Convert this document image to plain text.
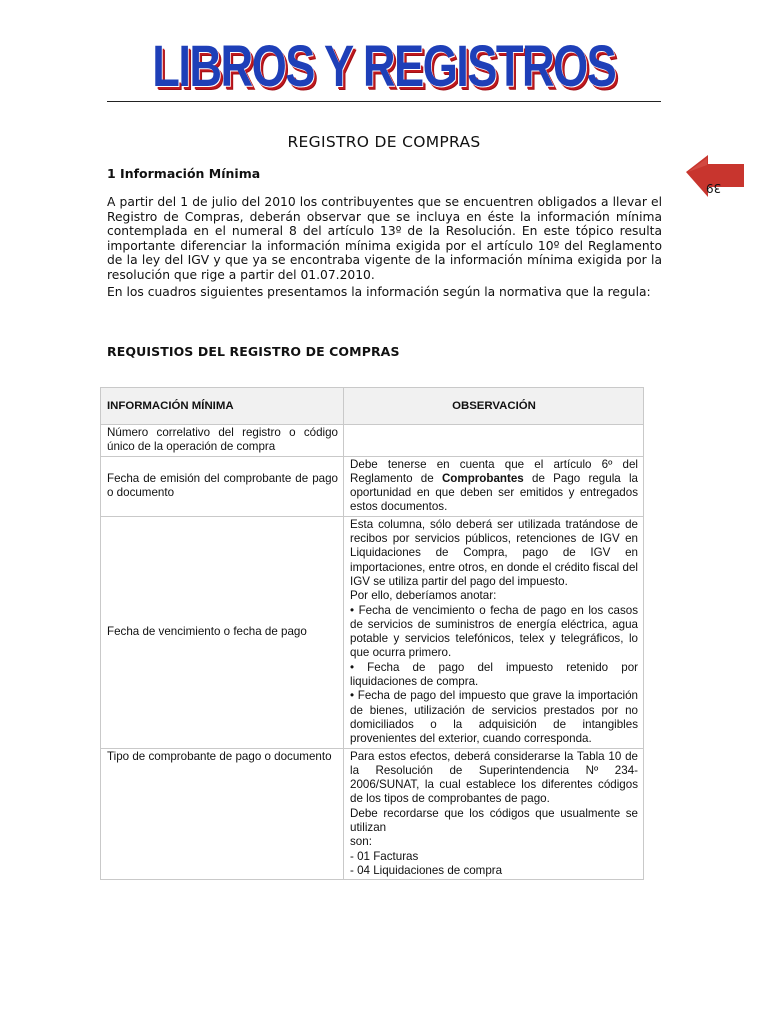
LIBROS Y REGISTROS
39
REGISTRO DE COMPRAS
1 Información Mínima
A partir del 1 de julio del 2010 los contribuyentes que se encuentren obligados a llevar el Registro de Compras, deberán observar que se incluya en éste la información mínima contemplada en el numeral 8 del artículo 13º de la Resolución. En este tópico resulta importante diferenciar la información mínima exigida por el artículo 10º del Reglamento de la ley del IGV y que ya se encontraba vigente de la información mínima exigida por la resolución que rige a partir del 01.07.2010.
En los cuadros siguientes presentamos la información según la normativa que la regula:
REQUISTIOS DEL REGISTRO DE COMPRAS
INFORMACIÓN MÍNIMA	OBSERVACIÓN
Número correlativo del registro o código único de la operación de compra	
Fecha de emisión del comprobante de pago o documento	Debe tenerse en cuenta que el artículo 6º del Reglamento de Comprobantes de Pago regula la oportunidad en que deben ser emitidos y entregados estos documentos.
Fecha de vencimiento o fecha de pago	Esta columna, sólo deberá ser utilizada tratándose de recibos por servicios públicos, retenciones de IGV en Liquidaciones de Compra, pago de IGV en importaciones, entre otros, en donde el crédito fiscal del IGV se utiliza partir del pago del impuesto.
Por ello, deberíamos anotar:
• Fecha de vencimiento o fecha de pago en los casos de servicios de suministros de energía eléctrica, agua potable y servicios telefónicos, telex y telegráficos, lo que ocurra primero.
• Fecha de pago del impuesto retenido por liquidaciones de compra.
• Fecha de pago del impuesto que grave la importación de bienes, utilización de servicios prestados por no domiciliados o la adquisición de intangibles provenientes del exterior, cuando corresponda.

Tipo de comprobante de pago o documento	Para estos efectos, deberá considerarse la Tabla 10 de la Resolución de Superintendencia Nº 234-2006/SUNAT, la cual establece los diferentes códigos de los tipos de comprobantes de pago.
Debe recordarse que los códigos que usualmente se utilizan
son:
- 01 Facturas
- 04 Liquidaciones de compra
